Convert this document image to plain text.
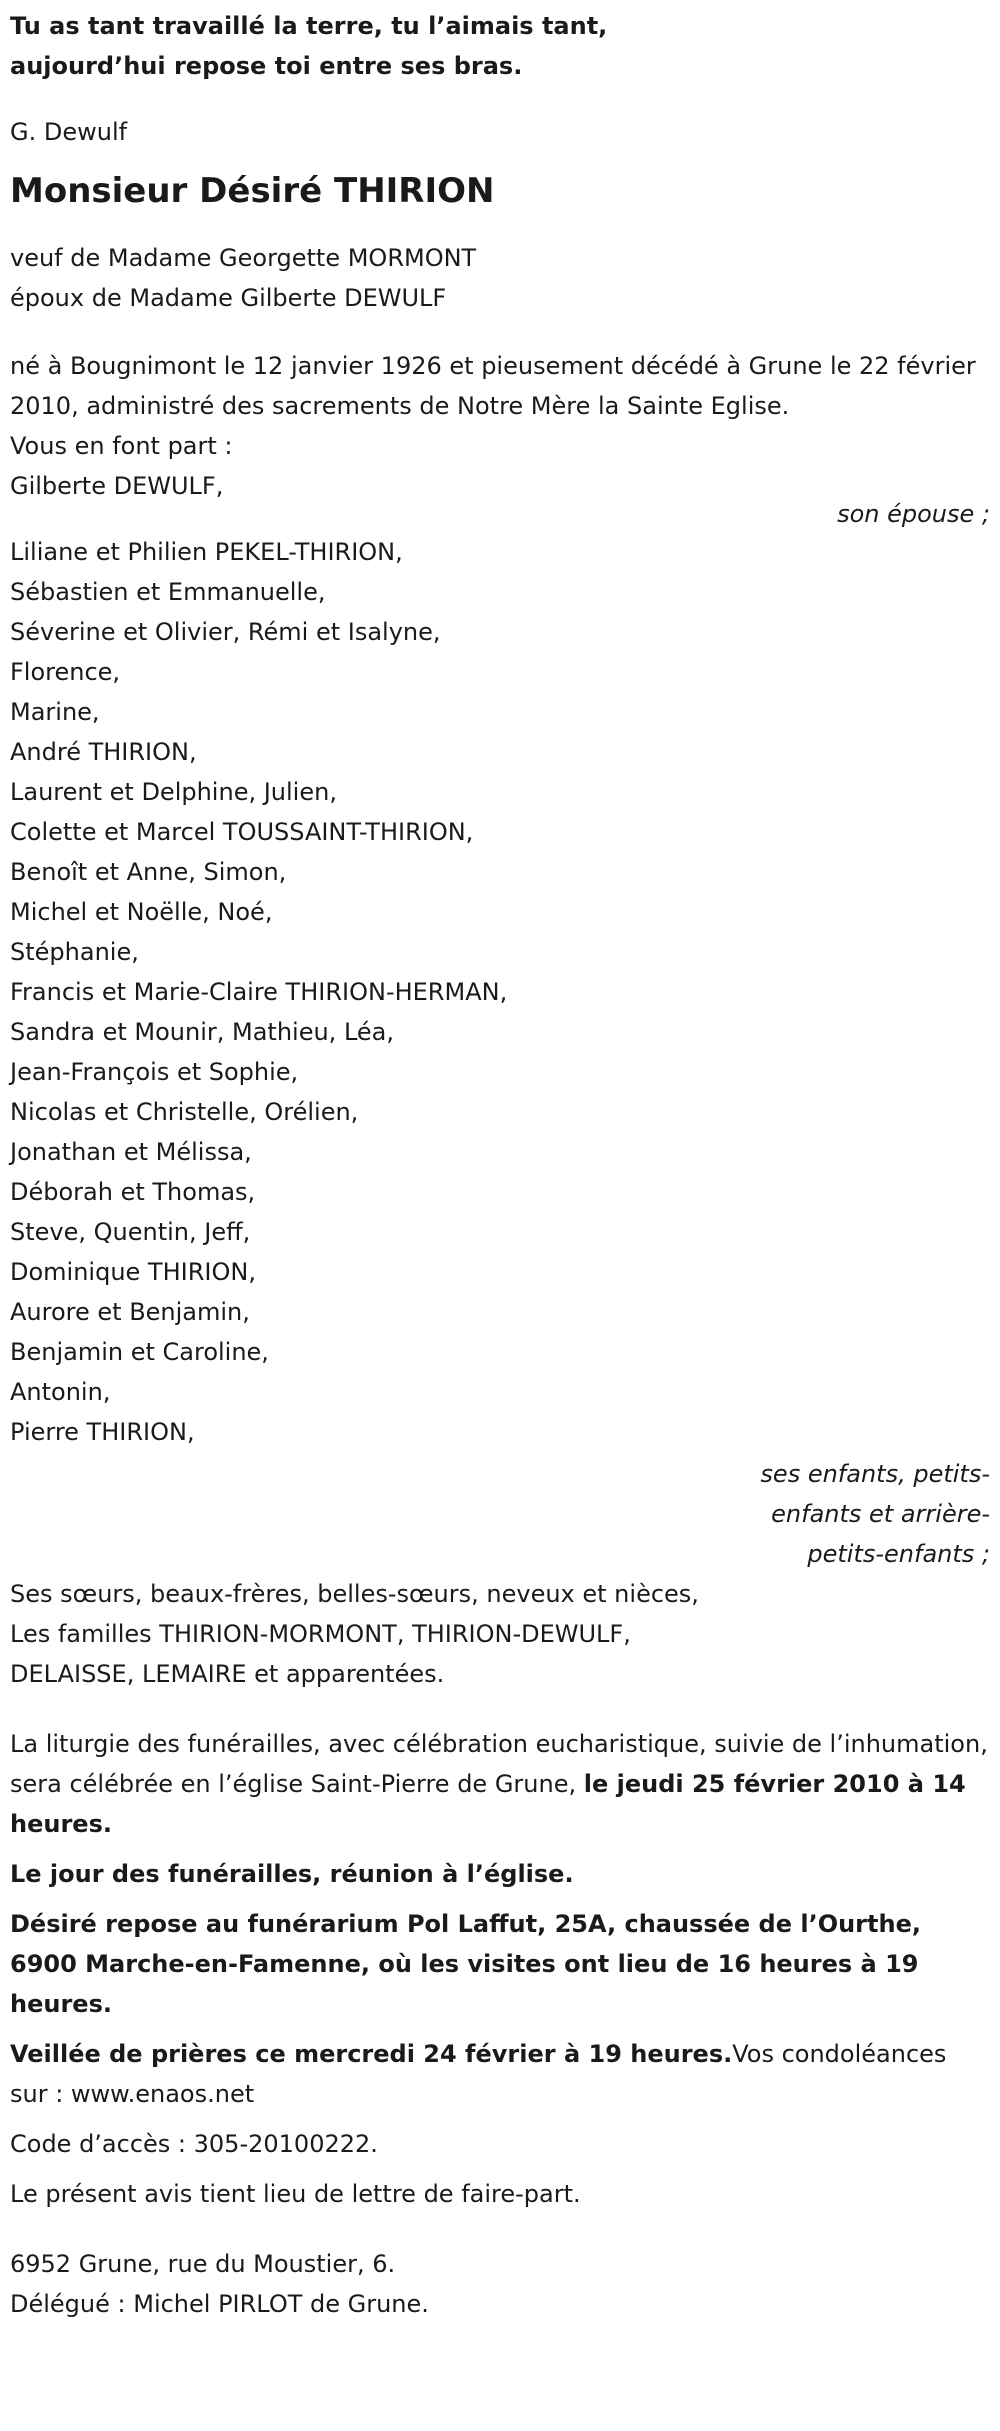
Tu as tant travaillé la terre, tu l’aimais tant,

aujourd’hui repose toi entre ses bras.

G. Dewulf

Monsieur Désiré THIRION

veuf de Madame Georgette MORMONT

époux de Madame Gilberte DEWULF

né à Bougnimont le 12 janvier 1926 et pieusement décédé à Grune le 22 février 2010, administré des sacrements de Notre Mère la Sainte Eglise.

Vous en font part :

Gilberte DEWULF,

son épouse ;

Liliane et Philien PEKEL-THIRION,

Sébastien et Emmanuelle,

Séverine et Olivier, Rémi et Isalyne,

Florence,

Marine,

André THIRION,

Laurent et Delphine, Julien,

Colette et Marcel TOUSSAINT-THIRION,

Benoît et Anne, Simon,

Michel et Noëlle, Noé,

Stéphanie,

Francis et Marie-Claire THIRION-HERMAN,

Sandra et Mounir, Mathieu, Léa,

Jean-François et Sophie,

Nicolas et Christelle, Orélien,

Jonathan et Mélissa,

Déborah et Thomas,

Steve, Quentin, Jeff,

Dominique THIRION,

Aurore et Benjamin,

Benjamin et Caroline,

Antonin,

Pierre THIRION,

ses enfants, petits-

enfants et arrière-

petits-enfants ;

Ses sœurs, beaux-frères, belles-sœurs, neveux et nièces,

Les familles THIRION-MORMONT, THIRION-DEWULF,

DELAISSE, LEMAIRE et apparentées.

La liturgie des funérailles, avec célébration eucharistique, suivie de l’inhumation, sera célébrée en l’église Saint-Pierre de Grune, le jeudi 25 février 2010 à 14 heures.

Le jour des funérailles, réunion à l’église.

Désiré repose au funérarium Pol Laffut, 25A, chaussée de l’Ourthe, 6900 Marche-en-Famenne, où les visites ont lieu de 16 heures à 19 heures.

Veillée de prières ce mercredi 24 février à 19 heures.Vos condoléances sur : www.enaos.net

Code d’accès : 305-20100222.

Le présent avis tient lieu de lettre de faire-part.

6952 Grune, rue du Moustier, 6.

Délégué : Michel PIRLOT de Grune.
